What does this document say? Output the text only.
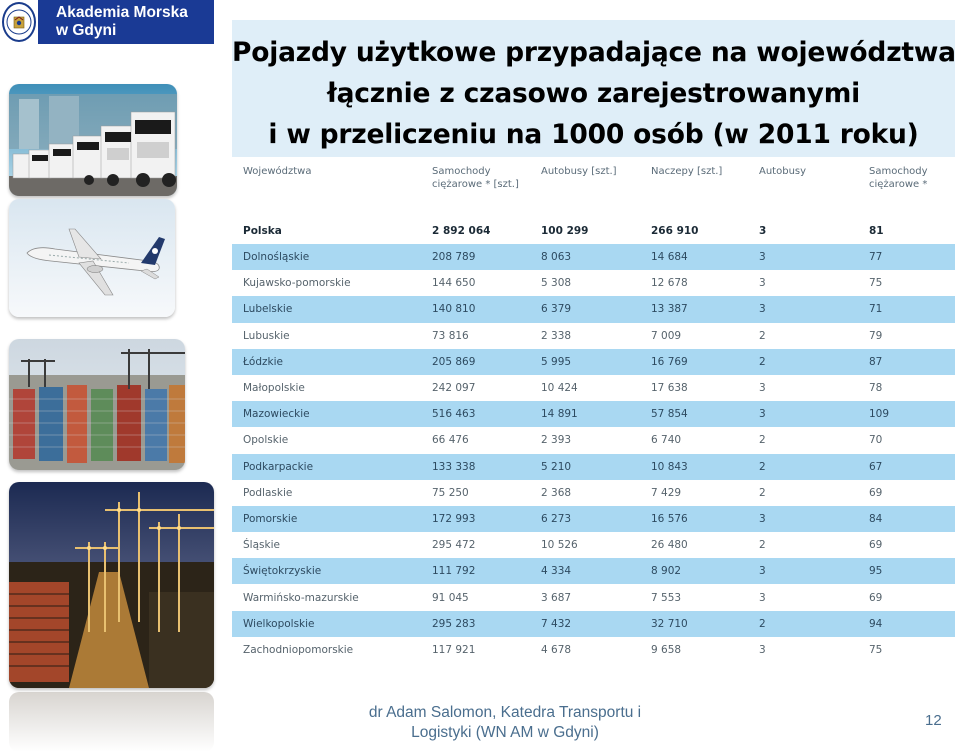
Akademia Morska
w Gdyni
Pojazdy użytkowe przypadające na województwa
łącznie z czasowo zarejestrowanymi
i w przeliczeniu na 1000 osób (w 2011 roku)
Województwa	Samochody ciężarowe * [szt.]	Autobusy [szt.]	Naczepy [szt.]	Autobusy	Samochody ciężarowe *
Polska	2 892 064	100 299	266 910	3	81
Dolnośląskie	208 789	8 063	14 684	3	77
Kujawsko-pomorskie	144 650	5 308	12 678	3	75
Lubelskie	140 810	6 379	13 387	3	71
Lubuskie	73 816	2 338	7 009	2	79
Łódzkie	205 869	5 995	16 769	2	87
Małopolskie	242 097	10 424	17 638	3	78
Mazowieckie	516 463	14 891	57 854	3	109
Opolskie	66 476	2 393	6 740	2	70
Podkarpackie	133 338	5 210	10 843	2	67
Podlaskie	75 250	2 368	7 429	2	69
Pomorskie	172 993	6 273	16 576	3	84
Śląskie	295 472	10 526	26 480	2	69
Świętokrzyskie	111 792	4 334	8 902	3	95
Warmińsko-mazurskie	91 045	3 687	7 553	3	69
Wielkopolskie	295 283	7 432	32 710	2	94
Zachodniopomorskie	117 921	4 678	9 658	3	75
dr Adam Salomon, Katedra Transportu i
Logistyki (WN AM w Gdyni)
12
